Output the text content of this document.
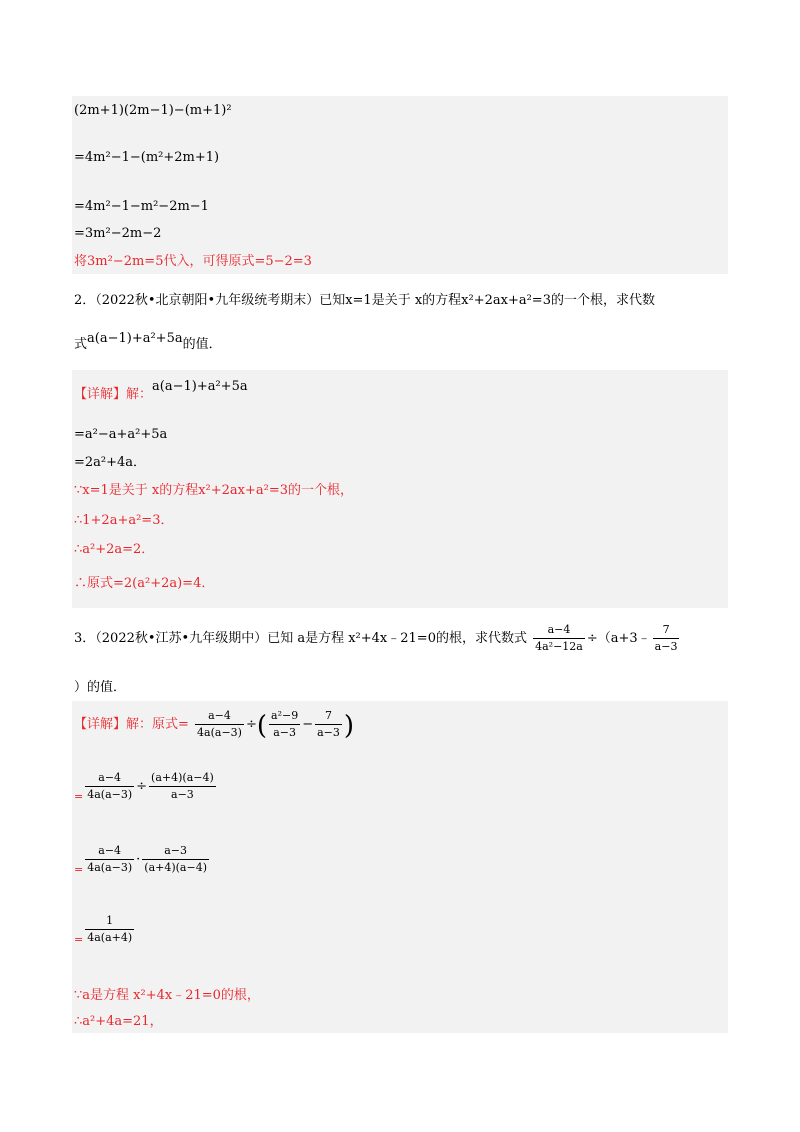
(2m+1)(2m−1)−(m+1)²
=4m²−1−(m²+2m+1)
=4m²−1−m²−2m−1
=3m²−2m−2
将3m²−2m=5代入，可得原式=5−2=3
2．（2022秋•北京朝阳•九年级统考期末）已知x=1是关于 x的方程x²+2ax+a²=3的一个根，求代数
式a(a−1)+a²+5a的值．
【详解】解：a(a−1)+a²+5a
=a²−a+a²+5a
=2a²+4a．
∵x=1是关于 x的方程x²+2ax+a²=3的一个根，
∴1+2a+a²=3．
∴a²+2a=2．
∴原式=2(a²+2a)=4．
3．（2022秋•江苏•九年级期中）已知 a是方程 x²+4x﹣21=0的根，求代数式 $\frac{a-4}{\text{4a²−12a}}$ ÷（a+3﹣ $\frac{7}{a-3}$
）的值．
【详解】解：原式= $\frac{a-4}{4a(a-3)}$ ÷( $\frac{\text{a²−9}}{a-3} - \frac{7}{a-3}$ )
$_= \frac{a-4}{4a(a-3)} \div \frac{(a+4)(a-4)}{a-3}$
$_= \frac{a-4}{4a(a-3)} \cdot \frac{a-3}{(a+4)(a-4)}$
$_= \frac{1}{4a(a+4)}$
∵a是方程 x²+4x﹣21=0的根，
∴a²+4a=21，
